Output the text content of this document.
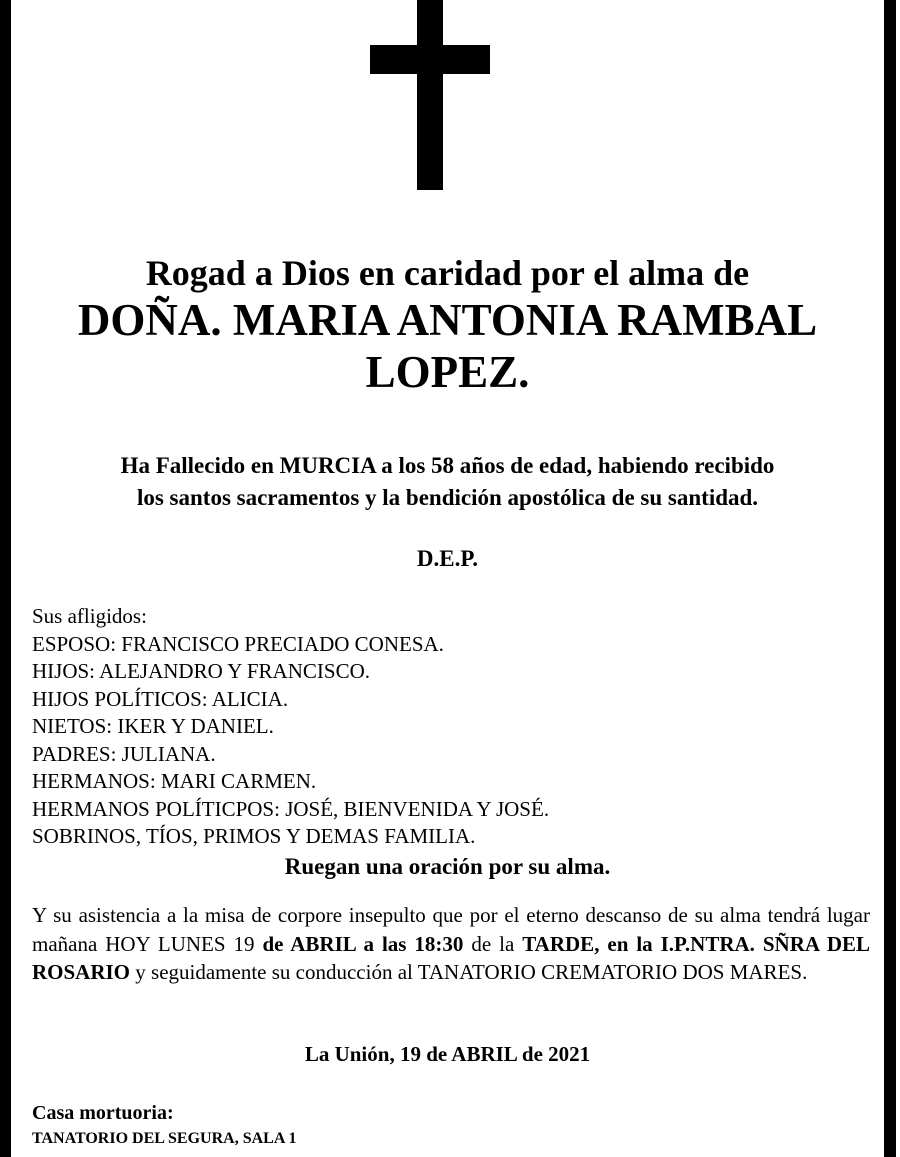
Rogad a Dios en caridad por el alma de
DOÑA. MARIA ANTONIA RAMBAL
LOPEZ.
Ha Fallecido en MURCIA a los 58 años de edad, habiendo recibido
los santos sacramentos y la bendición apostólica de su santidad.
D.E.P.
Sus afligidos:
ESPOSO: FRANCISCO PRECIADO CONESA.
HIJOS: ALEJANDRO Y FRANCISCO.
HIJOS POLÍTICOS: ALICIA.
NIETOS: IKER Y DANIEL.
PADRES: JULIANA.
HERMANOS: MARI CARMEN.
HERMANOS POLÍTICPOS: JOSÉ, BIENVENIDA Y JOSÉ.
SOBRINOS, TÍOS, PRIMOS Y DEMAS FAMILIA.
Ruegan una oración por su alma.
Y su asistencia a la misa de corpore insepulto que por el eterno descanso de su alma tendrá lugar mañana HOY LUNES 19 de ABRIL a las 18:30 de la TARDE, en la I.P.NTRA. SÑRA DEL ROSARIO y seguidamente su conducción al TANATORIO CREMATORIO DOS MARES.
La Unión, 19 de ABRIL de 2021
Casa mortuoria:
TANATORIO DEL SEGURA, SALA 1
